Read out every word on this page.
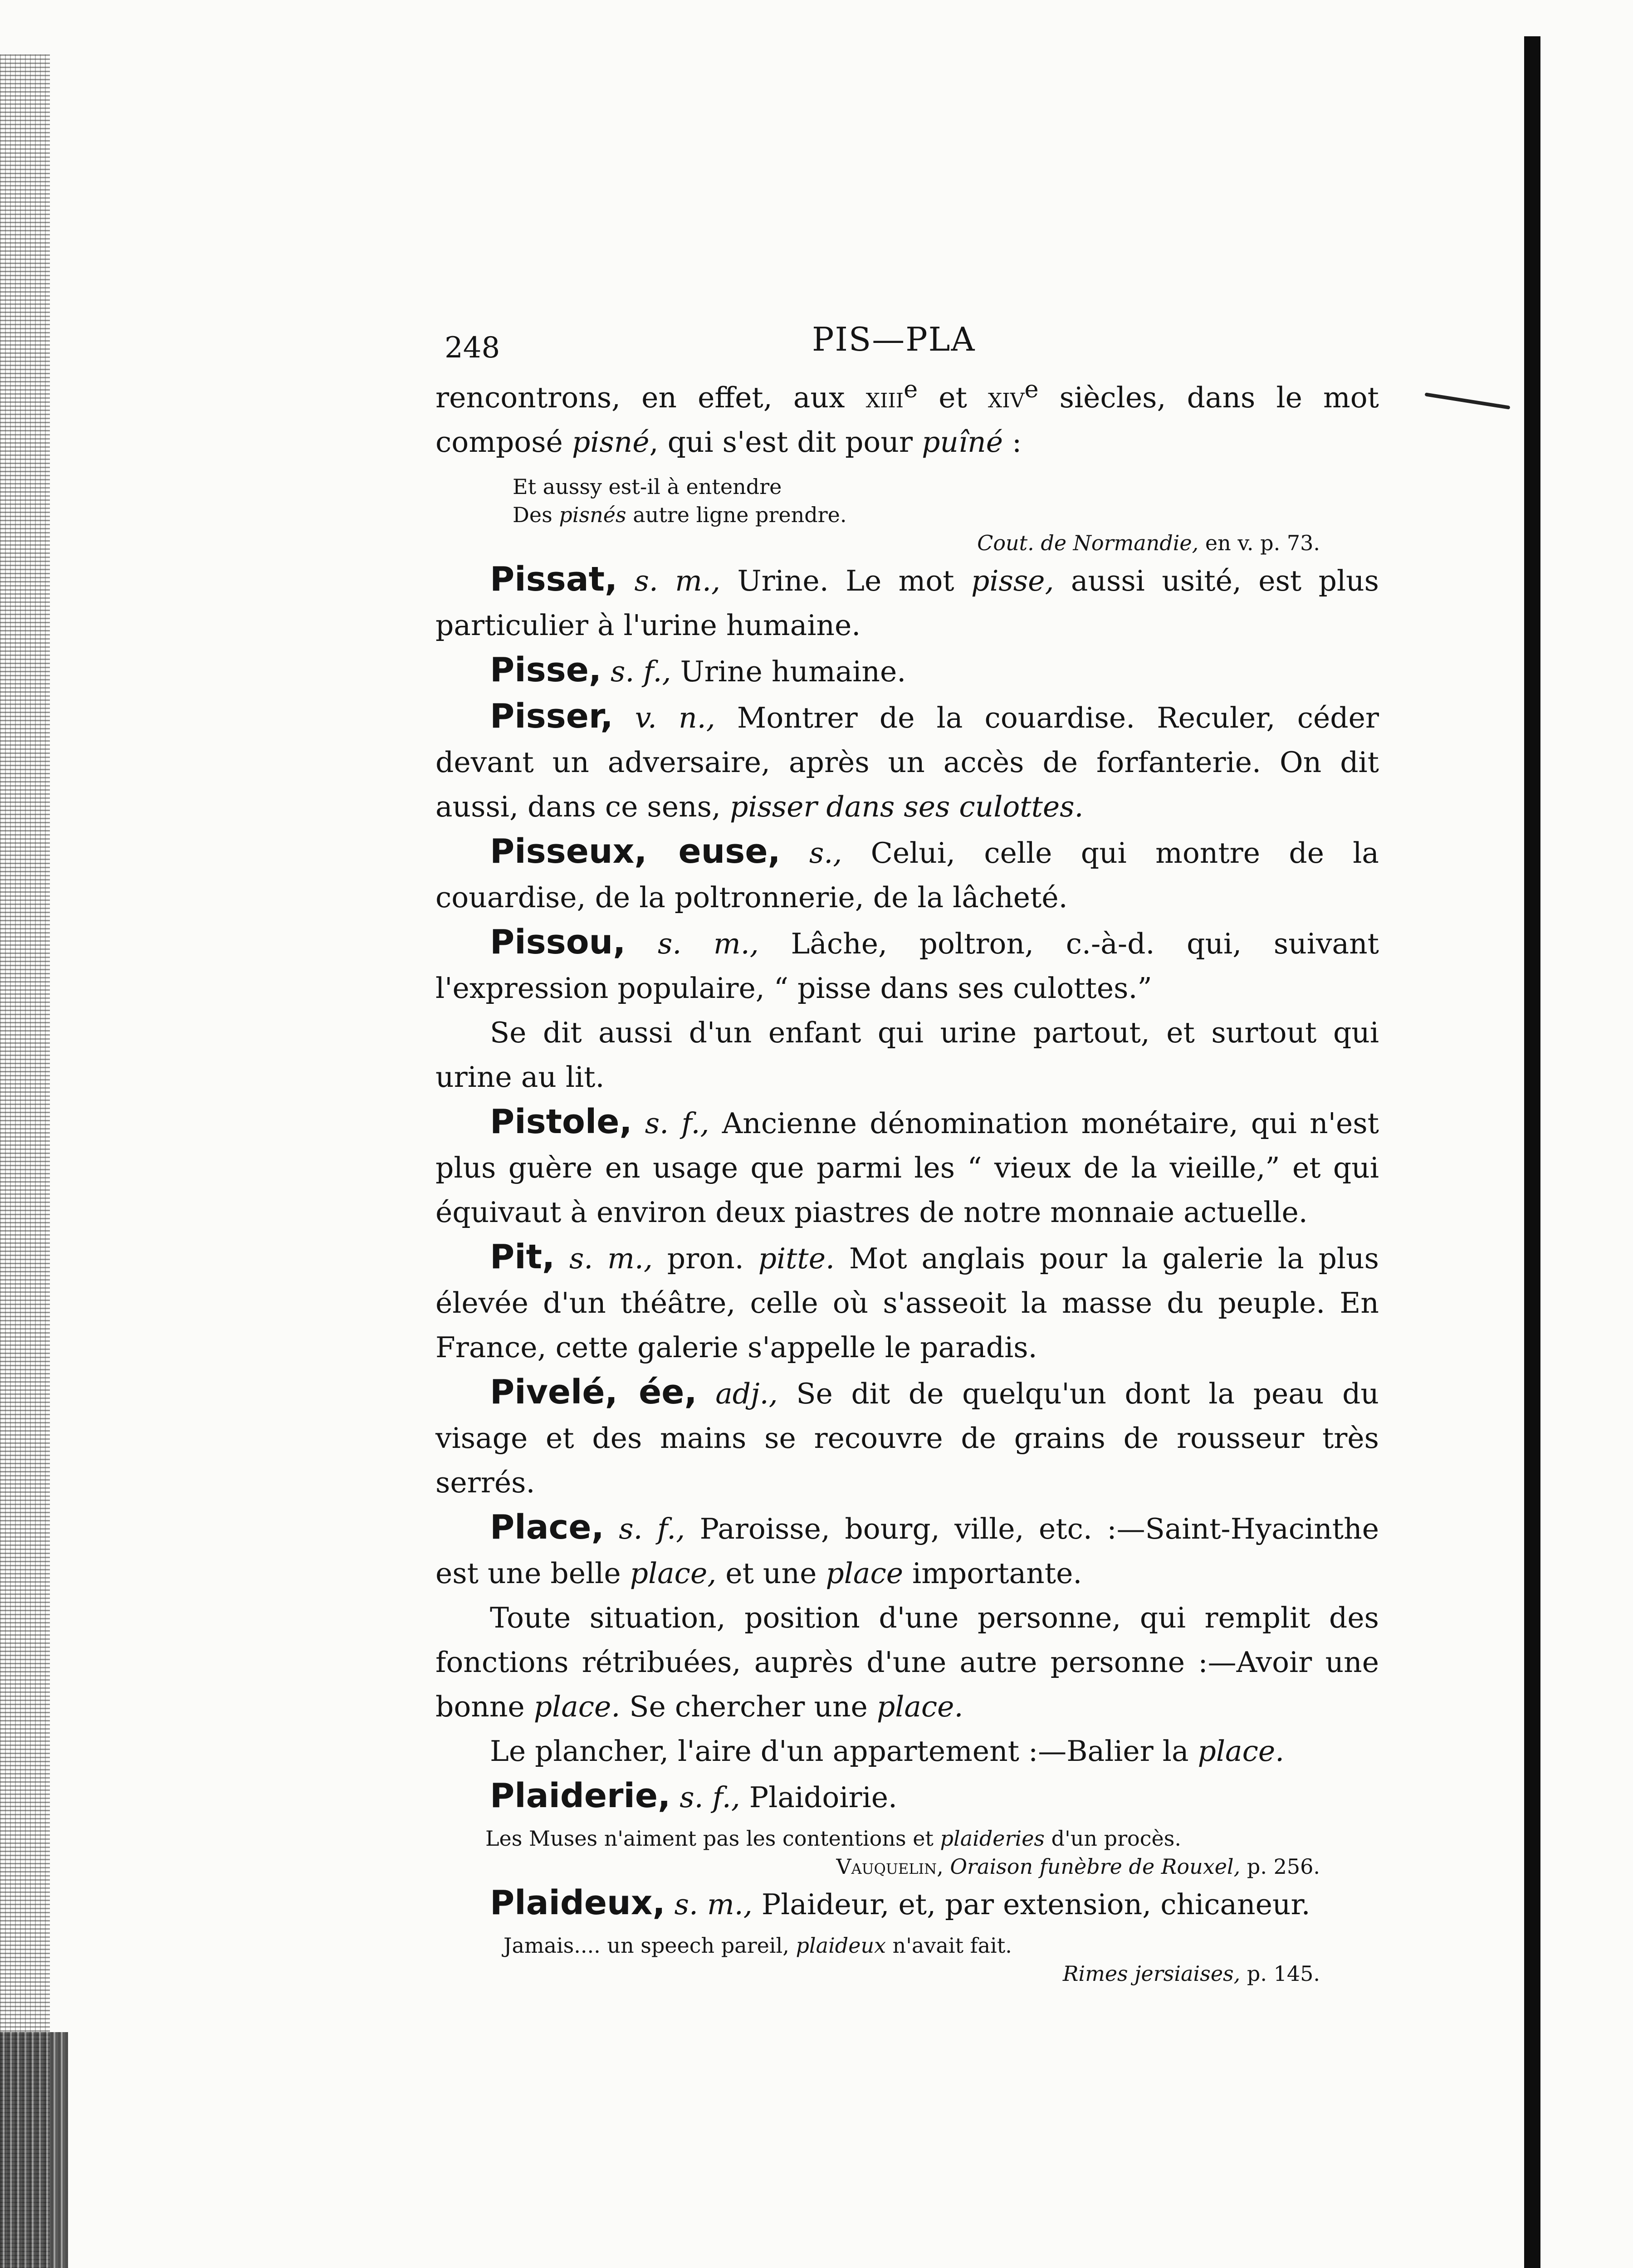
248	PIS—PLA

rencontrons, en effet, aux xiii$^e$ et xiv$^e$ siècles, dans le mot composé pisné, qui s'est dit pour puîné :

Et aussy est-il à entendre
Des pisnés autre ligne prendre.
Cout. de Normandie, en v. p. 73.

Pissat, s. m., Urine. Le mot pisse, aussi usité, est plus particulier à l'urine humaine.

Pisse, s. f., Urine humaine.

Pisser, v. n., Montrer de la couardise. Reculer, céder devant un adversaire, après un accès de forfanterie. On dit aussi, dans ce sens, pisser dans ses culottes.

Pisseux, euse, s., Celui, celle qui montre de la couardise, de la poltronnerie, de la lâcheté.

Pissou, s. m., Lâche, poltron, c.-à-d. qui, suivant l'expression populaire, “ pisse dans ses culottes.”

Se dit aussi d'un enfant qui urine partout, et surtout qui urine au lit.

Pistole, s. f., Ancienne dénomination monétaire, qui n'est plus guère en usage que parmi les “ vieux de la vieille,” et qui équivaut à environ deux piastres de notre monnaie actuelle.

Pit, s. m., pron. pitte. Mot anglais pour la galerie la plus élevée d'un théâtre, celle où s'asseoit la masse du peuple. En France, cette galerie s'appelle le paradis.

Pivelé, ée, adj., Se dit de quelqu'un dont la peau du visage et des mains se recouvre de grains de rousseur très serrés.

Place, s. f., Paroisse, bourg, ville, etc. :—Saint-Hyacinthe est une belle place, et une place importante.

Toute situation, position d'une personne, qui remplit des fonctions rétribuées, auprès d'une autre personne :—Avoir une bonne place. Se chercher une place.

Le plancher, l'aire d'un appartement :—Balier la place.

Plaiderie, s. f., Plaidoirie.

Les Muses n'aiment pas les contentions et plaideries d'un procès.
Vauquelin, Oraison funèbre de Rouxel, p. 256.

Plaideux, s. m., Plaideur, et, par extension, chicaneur.

Jamais.... un speech pareil, plaideux n'avait fait.
Rimes jersiaises, p. 145.
